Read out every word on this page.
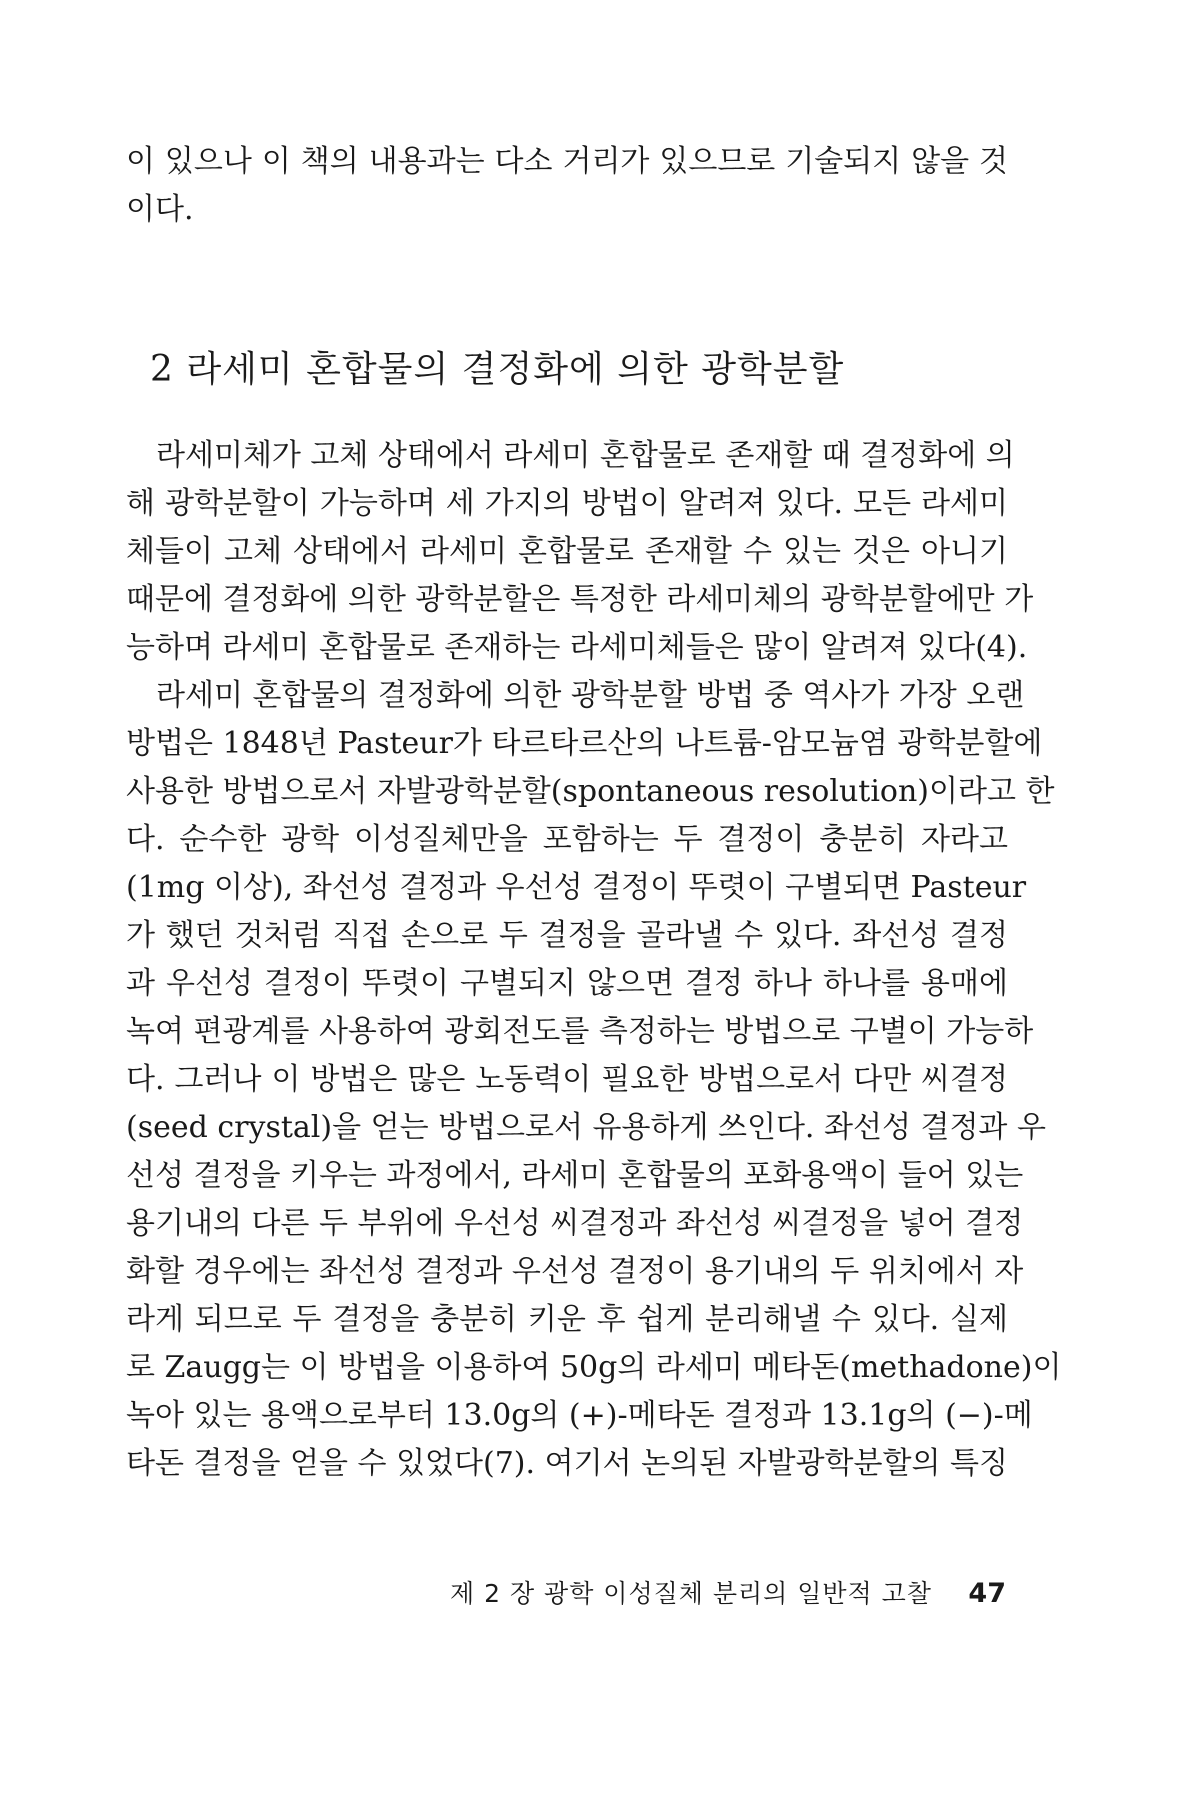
이 있으나 이 책의 내용과는 다소 거리가 있으므로 기술되지 않을 것
이다.
2 라세미 혼합물의 결정화에 의한 광학분할
라세미체가 고체 상태에서 라세미 혼합물로 존재할 때 결정화에 의
해 광학분할이 가능하며 세 가지의 방법이 알려져 있다. 모든 라세미
체들이 고체 상태에서 라세미 혼합물로 존재할 수 있는 것은 아니기
때문에 결정화에 의한 광학분할은 특정한 라세미체의 광학분할에만 가
능하며 라세미 혼합물로 존재하는 라세미체들은 많이 알려져 있다(4).
라세미 혼합물의 결정화에 의한 광학분할 방법 중 역사가 가장 오랜
방법은 1848년 Pasteur가 타르타르산의 나트륨-암모늄염 광학분할에
사용한 방법으로서 자발광학분할(spontaneous resolution)이라고 한
다. 순수한 광학 이성질체만을 포함하는 두 결정이 충분히 자라고
(1mg 이상), 좌선성 결정과 우선성 결정이 뚜렷이 구별되면 Pasteur
가 했던 것처럼 직접 손으로 두 결정을 골라낼 수 있다. 좌선성 결정
과 우선성 결정이 뚜렷이 구별되지 않으면 결정 하나 하나를 용매에
녹여 편광계를 사용하여 광회전도를 측정하는 방법으로 구별이 가능하
다. 그러나 이 방법은 많은 노동력이 필요한 방법으로서 다만 씨결정
(seed crystal)을 얻는 방법으로서 유용하게 쓰인다. 좌선성 결정과 우
선성 결정을 키우는 과정에서, 라세미 혼합물의 포화용액이 들어 있는
용기내의 다른 두 부위에 우선성 씨결정과 좌선성 씨결정을 넣어 결정
화할 경우에는 좌선성 결정과 우선성 결정이 용기내의 두 위치에서 자
라게 되므로 두 결정을 충분히 키운 후 쉽게 분리해낼 수 있다. 실제
로 Zaugg는 이 방법을 이용하여 50g의 라세미 메타돈(methadone)이
녹아 있는 용액으로부터 13.0g의 (+)-메타돈 결정과 13.1g의 (−)-메
타돈 결정을 얻을 수 있었다(7). 여기서 논의된 자발광학분할의 특징
제 2 장 광학 이성질체 분리의 일반적 고찰 47
